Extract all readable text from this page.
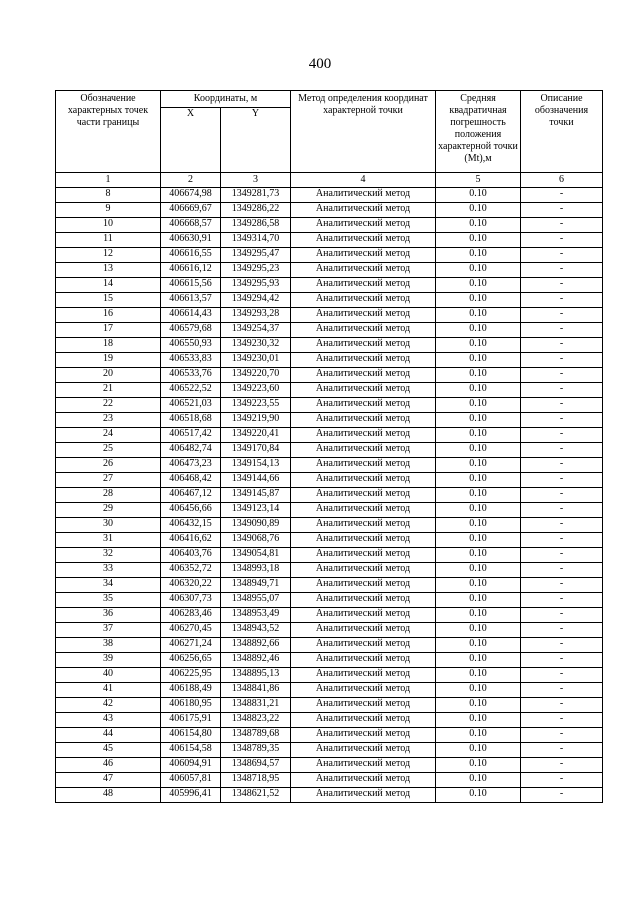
400
Обозначение характерных точек части границы	Координаты, м		Метод определения координат характерной точки	Средняя квадратичная погрешность положения характерной точки (Mt),м	Описание обозначения точки
	X	Y			
1	2	3	4	5	6
8	406674,98	1349281,73	Аналитический метод	0.10	-
9	406669,67	1349286,22	Аналитический метод	0.10	-
10	406668,57	1349286,58	Аналитический метод	0.10	-
11	406630,91	1349314,70	Аналитический метод	0.10	-
12	406616,55	1349295,47	Аналитический метод	0.10	-
13	406616,12	1349295,23	Аналитический метод	0.10	-
14	406615,56	1349295,93	Аналитический метод	0.10	-
15	406613,57	1349294,42	Аналитический метод	0.10	-
16	406614,43	1349293,28	Аналитический метод	0.10	-
17	406579,68	1349254,37	Аналитический метод	0.10	-
18	406550,93	1349230,32	Аналитический метод	0.10	-
19	406533,83	1349230,01	Аналитический метод	0.10	-
20	406533,76	1349220,70	Аналитический метод	0.10	-
21	406522,52	1349223,60	Аналитический метод	0.10	-
22	406521,03	1349223,55	Аналитический метод	0.10	-
23	406518,68	1349219,90	Аналитический метод	0.10	-
24	406517,42	1349220,41	Аналитический метод	0.10	-
25	406482,74	1349170,84	Аналитический метод	0.10	-
26	406473,23	1349154,13	Аналитический метод	0.10	-
27	406468,42	1349144,66	Аналитический метод	0.10	-
28	406467,12	1349145,87	Аналитический метод	0.10	-
29	406456,66	1349123,14	Аналитический метод	0.10	-
30	406432,15	1349090,89	Аналитический метод	0.10	-
31	406416,62	1349068,76	Аналитический метод	0.10	-
32	406403,76	1349054,81	Аналитический метод	0.10	-
33	406352,72	1348993,18	Аналитический метод	0.10	-
34	406320,22	1348949,71	Аналитический метод	0.10	-
35	406307,73	1348955,07	Аналитический метод	0.10	-
36	406283,46	1348953,49	Аналитический метод	0.10	-
37	406270,45	1348943,52	Аналитический метод	0.10	-
38	406271,24	1348892,66	Аналитический метод	0.10	-
39	406256,65	1348892,46	Аналитический метод	0.10	-
40	406225,95	1348895,13	Аналитический метод	0.10	-
41	406188,49	1348841,86	Аналитический метод	0.10	-
42	406180,95	1348831,21	Аналитический метод	0.10	-
43	406175,91	1348823,22	Аналитический метод	0.10	-
44	406154,80	1348789,68	Аналитический метод	0.10	-
45	406154,58	1348789,35	Аналитический метод	0.10	-
46	406094,91	1348694,57	Аналитический метод	0.10	-
47	406057,81	1348718,95	Аналитический метод	0.10	-
48	405996,41	1348621,52	Аналитический метод	0.10	-
